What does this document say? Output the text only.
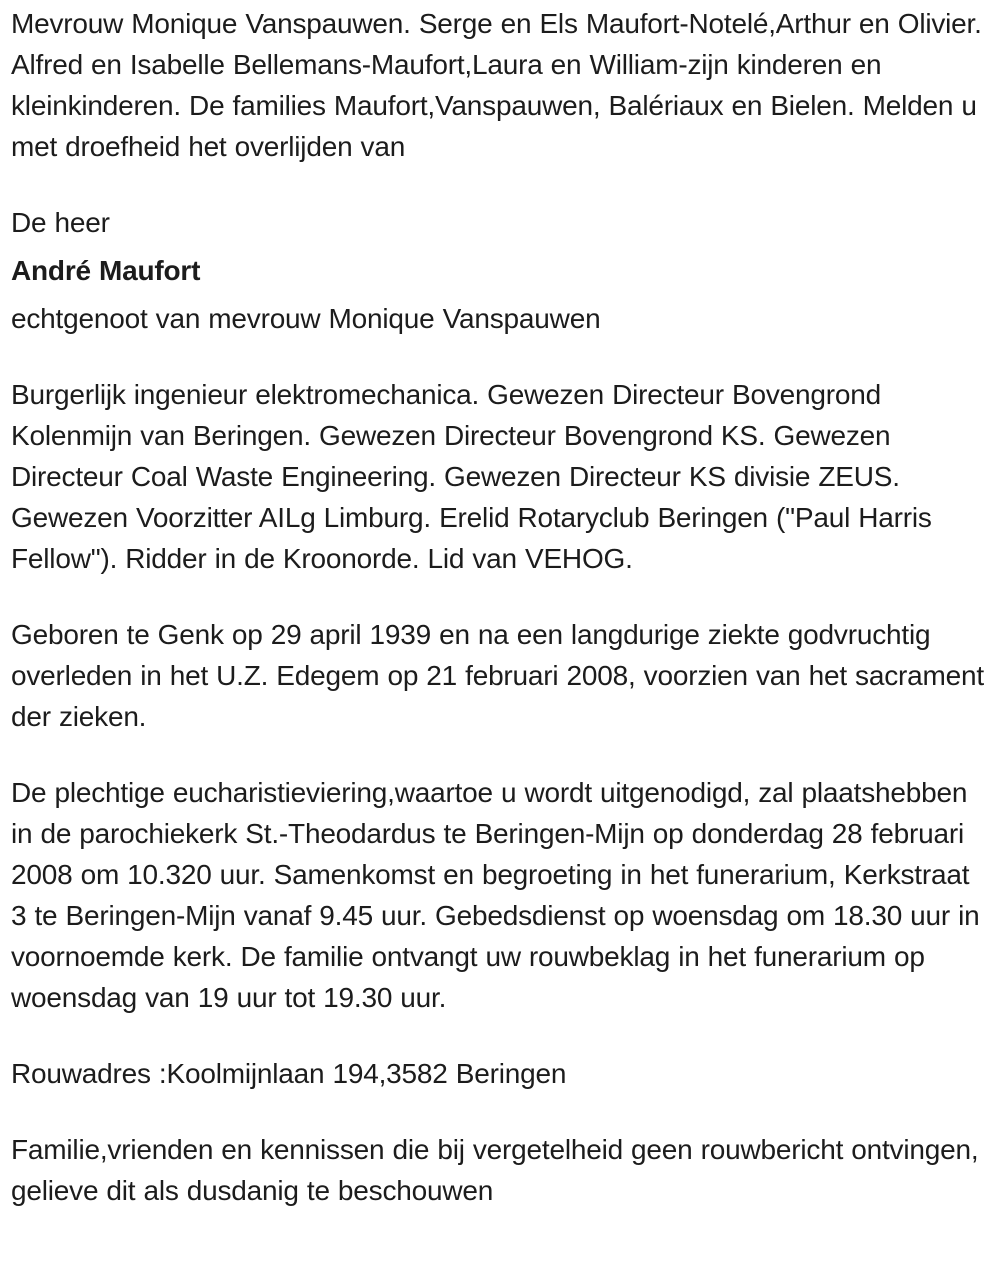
Mevrouw Monique Vanspauwen. Serge en Els Maufort-Notelé,Arthur en Olivier. Alfred en Isabelle Bellemans-Maufort,Laura en William-zijn kinderen en kleinkinderen. De families Maufort,Vanspauwen, Balériaux en Bielen. Melden u met droefheid het overlijden van

De heer

André Maufort

echtgenoot van mevrouw Monique Vanspauwen

Burgerlijk ingenieur elektromechanica. Gewezen Directeur Bovengrond Kolenmijn van Beringen. Gewezen Directeur Bovengrond KS. Gewezen Directeur Coal Waste Engineering. Gewezen Directeur KS divisie ZEUS. Gewezen Voorzitter AILg Limburg. Erelid Rotaryclub Beringen ("Paul Harris Fellow"). Ridder in de Kroonorde. Lid van VEHOG.

Geboren te Genk op 29 april 1939 en na een langdurige ziekte godvruchtig overleden in het U.Z. Edegem op 21 februari 2008, voorzien van het sacrament der zieken.

De plechtige eucharistieviering,waartoe u wordt uitgenodigd, zal plaatshebben in de parochiekerk St.-Theodardus te Beringen-Mijn op donderdag 28 februari 2008 om 10.320 uur. Samenkomst en begroeting in het funerarium, Kerkstraat 3 te Beringen-Mijn vanaf 9.45 uur. Gebedsdienst op woensdag om 18.30 uur in voornoemde kerk. De familie ontvangt uw rouwbeklag in het funerarium op woensdag van 19 uur tot 19.30 uur.

Rouwadres :Koolmijnlaan 194,3582 Beringen

Familie,vrienden en kennissen die bij vergetelheid geen rouwbericht ontvingen, gelieve dit als dusdanig te beschouwen
